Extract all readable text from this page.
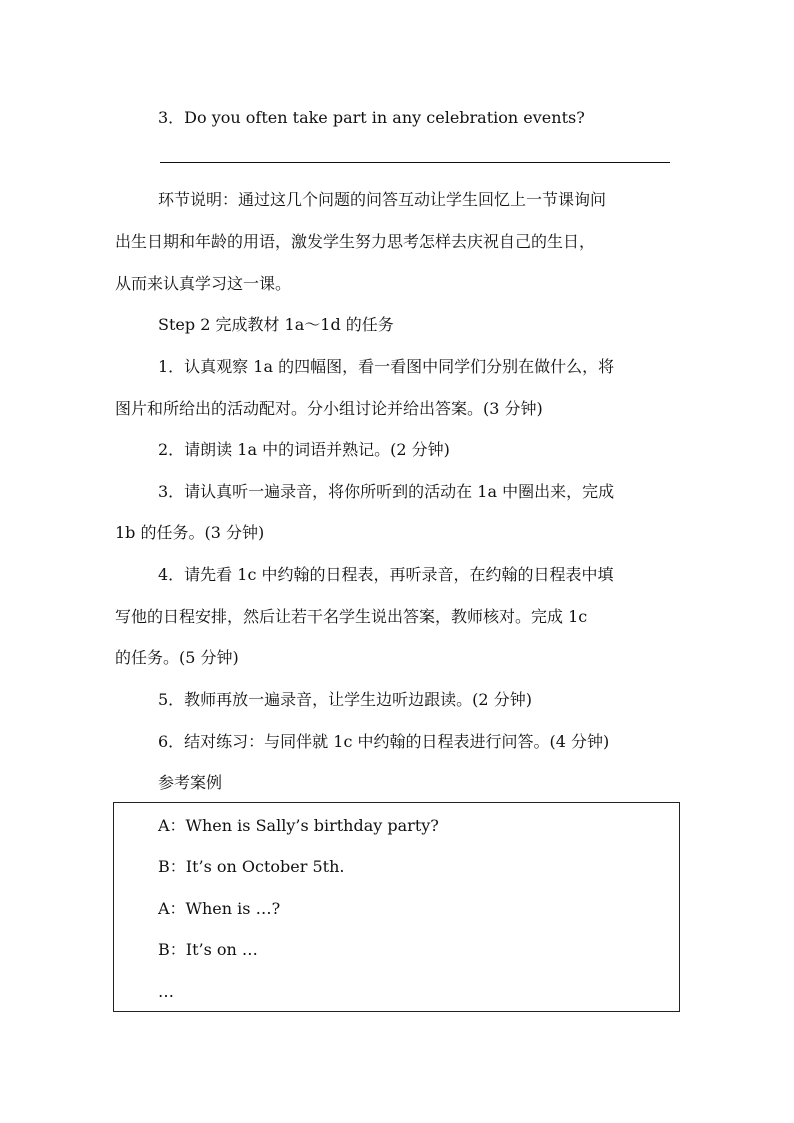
3．Do you often take part in any celebration events?
环节说明：通过这几个问题的问答互动让学生回忆上一节课询问
出生日期和年龄的用语，激发学生努力思考怎样去庆祝自己的生日，
从而来认真学习这一课。
Step 2 完成教材 1a～1d 的任务
1．认真观察 1a 的四幅图，看一看图中同学们分别在做什么，将
图片和所给出的活动配对。分小组讨论并给出答案。(3 分钟)
2．请朗读 1a 中的词语并熟记。(2 分钟)
3．请认真听一遍录音，将你所听到的活动在 1a 中圈出来，完成
1b 的任务。(3 分钟)
4．请先看 1c 中约翰的日程表，再听录音，在约翰的日程表中填
写他的日程安排，然后让若干名学生说出答案，教师核对。完成 1c
的任务。(5 分钟)
5．教师再放一遍录音，让学生边听边跟读。(2 分钟)
6．结对练习：与同伴就 1c 中约翰的日程表进行问答。(4 分钟)
参考案例
A：When is Sally’s birthday party?
B：It’s on October 5th.
A：When is …?
B：It’s on …
…
